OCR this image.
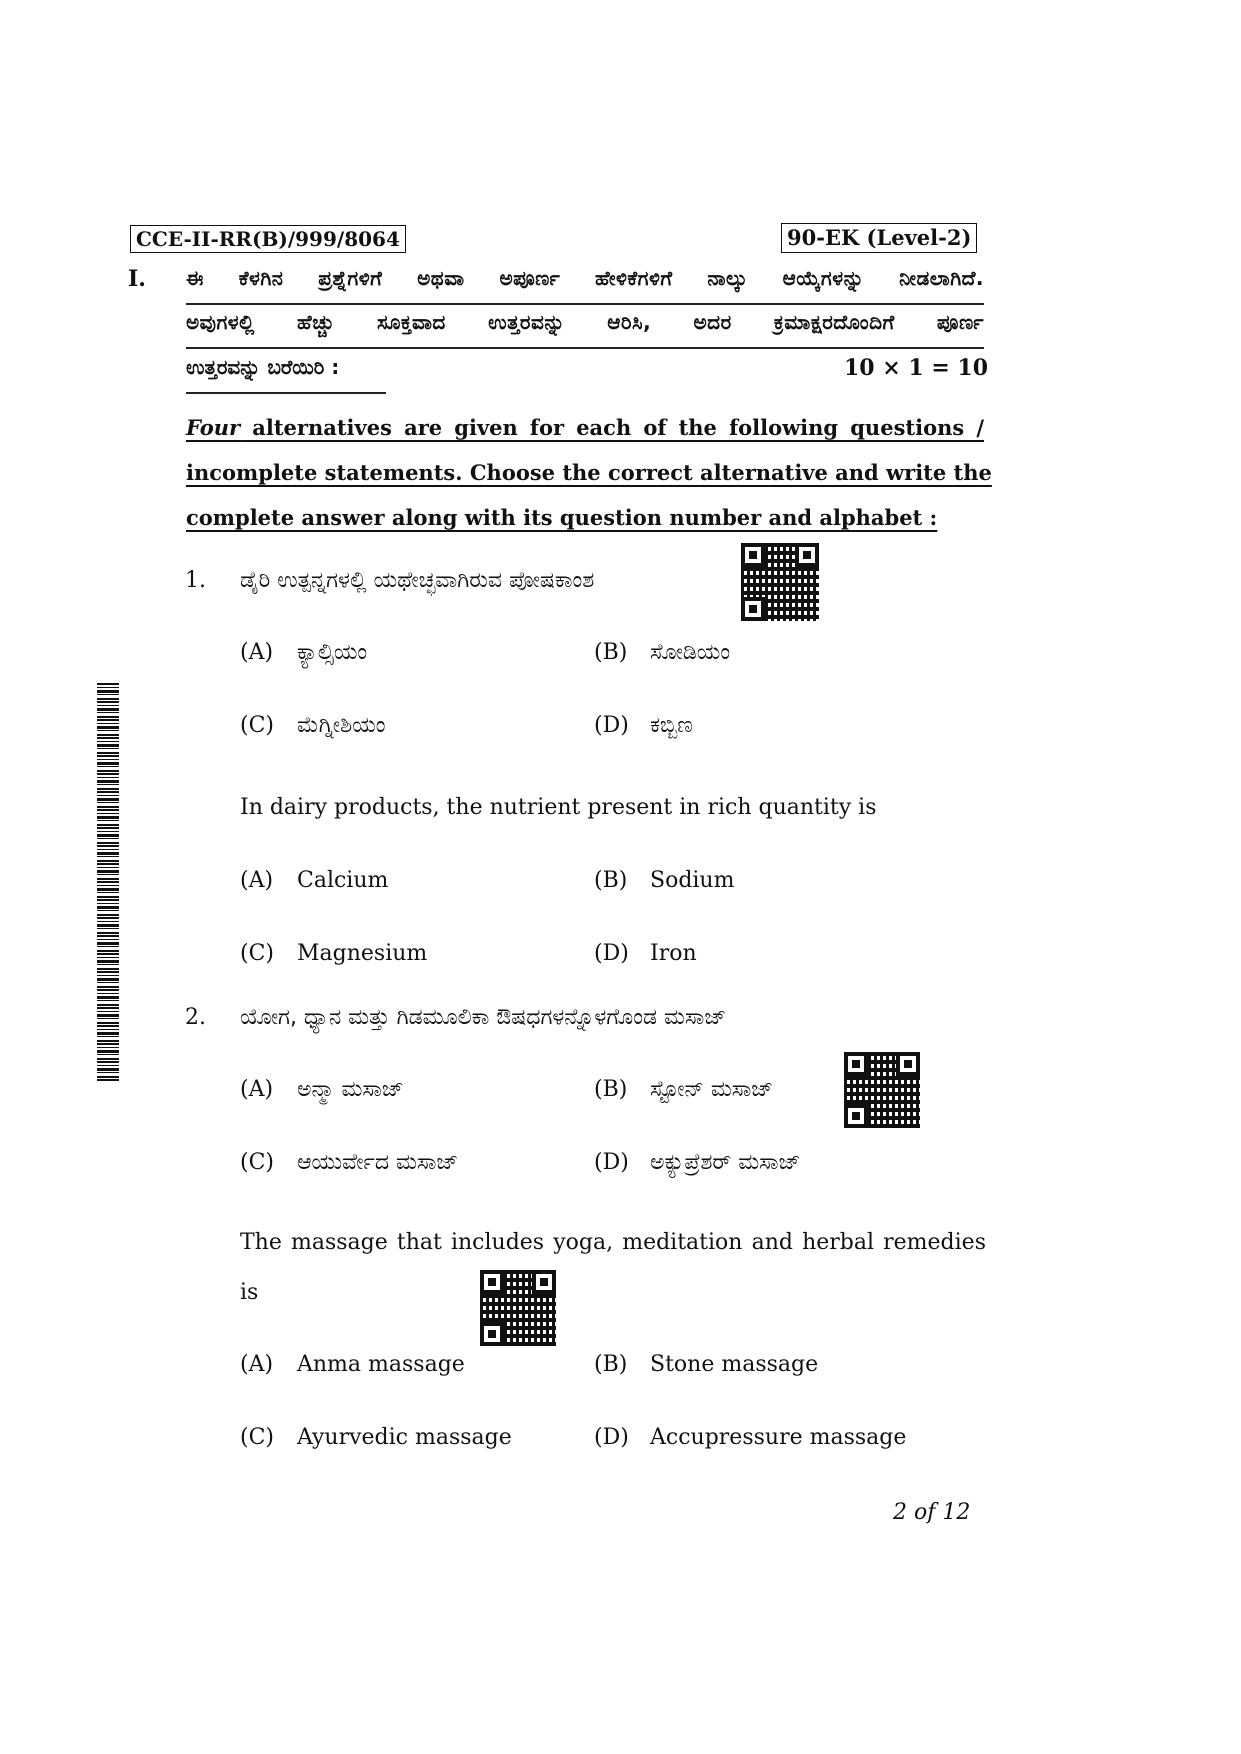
CCE-II-RR(B)/999/8064	90-EK (Level-2)
I. ಈ ಕೆಳಗಿನ ಪ್ರಶ್ನೆಗಳಿಗೆ ಅಥವಾ ಅಪೂರ್ಣ ಹೇಳಿಕೆಗಳಿಗೆ ನಾಲ್ಕು ಆಯ್ಕೆಗಳನ್ನು ನೀಡಲಾಗಿದೆ.
ಅವುಗಳಲ್ಲಿ ಹೆಚ್ಚು ಸೂಕ್ತವಾದ ಉತ್ತರವನ್ನು ಆರಿಸಿ, ಅದರ ಕ್ರಮಾಕ್ಷರದೊಂದಿಗೆ ಪೂರ್ಣ
ಉತ್ತರವನ್ನು ಬರೆಯಿರಿ :	10 × 1 = 10
Four alternatives are given for each of the following questions /
incomplete statements. Choose the correct alternative and write the
complete answer along with its question number and alphabet :
1. ಡೈರಿ ಉತ್ಪನ್ನಗಳಲ್ಲಿ ಯಥೇಚ್ಛವಾಗಿರುವ ಪೋಷಕಾಂಶ
(A) ಕ್ಯಾಲ್ಸಿಯಂ	(B) ಸೋಡಿಯಂ
(C) ಮೆಗ್ನೀಶಿಯಂ	(D) ಕಬ್ಬಿಣ
In dairy products, the nutrient present in rich quantity is
(A) Calcium	(B) Sodium
(C) Magnesium	(D) Iron
2. ಯೋಗ, ಧ್ಯಾನ ಮತ್ತು ಗಿಡಮೂಲಿಕಾ ಔಷಧಗಳನ್ನೊಳಗೊಂಡ ಮಸಾಜ್
(A) ಅನ್ಮಾ ಮಸಾಜ್	(B) ಸ್ಟೋನ್ ಮಸಾಜ್
(C) ಆಯುರ್ವೇದ ಮಸಾಜ್	(D) ಅಕ್ಯುಪ್ರೆಶರ್ ಮಸಾಜ್
The massage that includes yoga, meditation and herbal remedies
is
(A) Anma massage	(B) Stone massage
(C) Ayurvedic massage	(D) Accupressure massage
2 of 12
